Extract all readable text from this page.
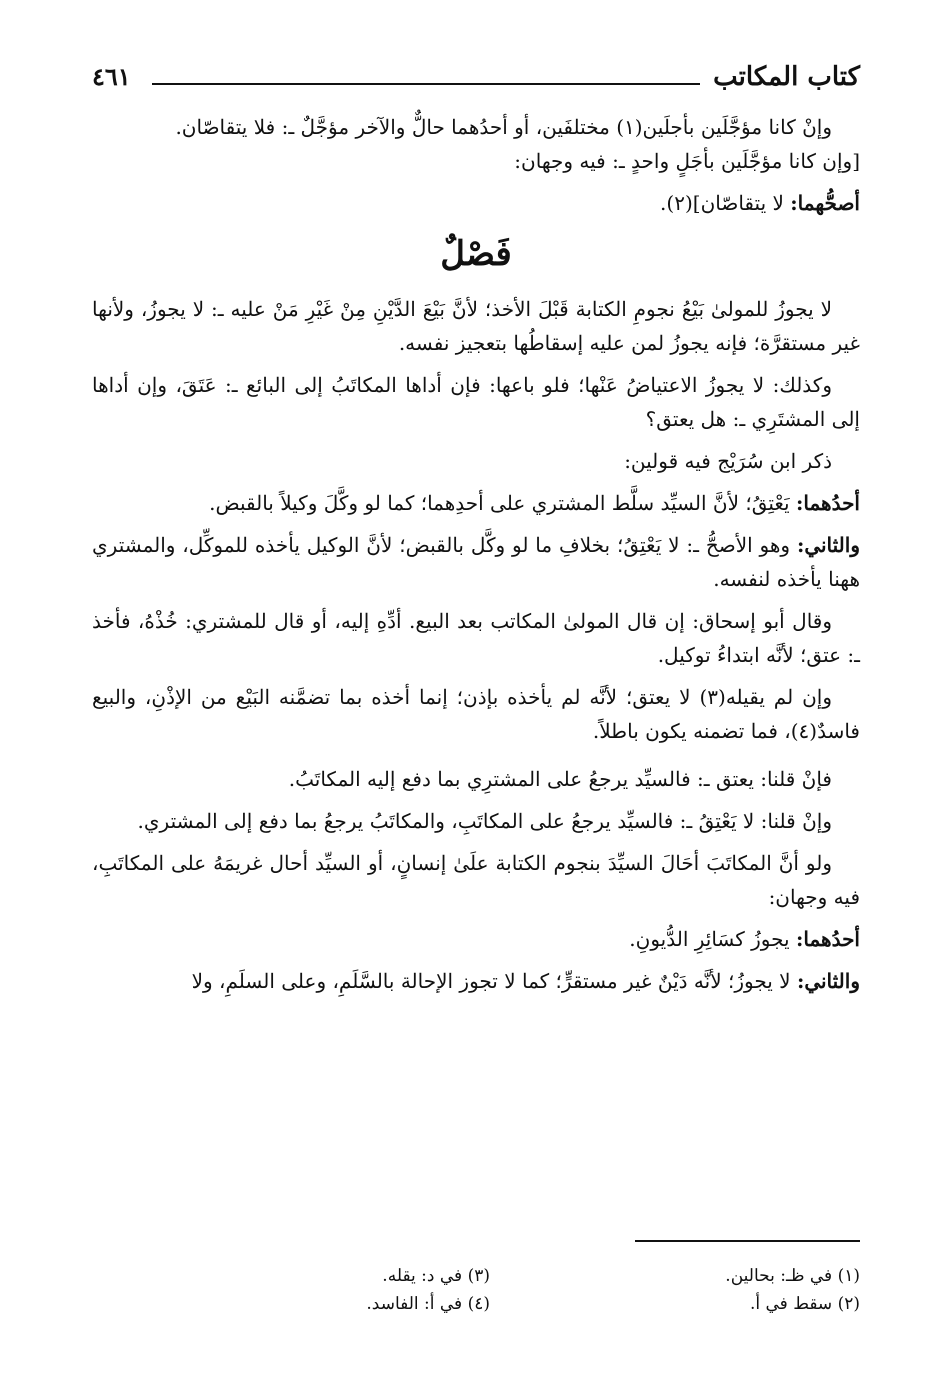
كتاب المكاتب
٤٦١

وإنْ كانا مؤجَّلَين بأجلَين(١) مختلفَين، أو أحدُهما حالٌّ والآخر مؤجَّلٌ ـ: فلا يتقاصّان.

[وإن كانا مؤجَّلَين بأجَلٍ واحدٍ ـ: فيه وجهان:

أصحُّهما: لا يتقاصّان](٢).

فَصْلٌ

لا يجوزُ للمولىٰ بَيْعُ نجومِ الكتابة قَبْلَ الأخذ؛ لأنَّ بَيْعَ الدَّيْنِ مِنْ غَيْرِ مَنْ عليه ـ: لا يجوزُ، ولأنها غير مستقرَّة؛ فإنه يجوزُ لمن عليه إسقاطُها بتعجيز نفسه.

وكذلك: لا يجوزُ الاعتياضُ عَنْها؛ فلو باعها: فإن أداها المكاتَبُ إلى البائع ـ: عَتَقَ، وإن أداها إلى المشتَرِي ـ: هل يعتق؟

ذكر ابن سُرَيْج فيه قولين:

أحدُهما: يَعْتِقُ؛ لأنَّ السيِّد سلَّط المشتري على أحدِهما؛ كما لو وكَّلَ وكيلاً بالقبض.

والثاني: وهو الأصحُّ ـ: لا يَعْتِقُ؛ بخلافِ ما لو وكَّل بالقبض؛ لأنَّ الوكيل يأخذه للموكِّل، والمشتري ههنا يأخذه لنفسه.

وقال أبو إسحاق: إن قال المولىٰ المكاتب بعد البيع. أدِّهِ إليه، أو قال للمشتري: خُذْهُ، فأخذ ـ: عتق؛ لأنَّه ابتداءُ توكيل.

وإن لم يقيله(٣) لا يعتق؛ لأنَّه لم يأخذه بإذن؛ إنما أخذه بما تضمَّنه البَيْع من الإذْنِ، والبيع فاسدٌ(٤)، فما تضمنه يكون باطلاً.

فإنْ قلنا: يعتق ـ: فالسيِّد يرجعُ على المشترِي بما دفع إليه المكاتَبُ.

وإنْ قلنا: لا يَعْتِقُ ـ: فالسيِّد يرجعُ على المكاتَبِ، والمكاتَبُ يرجعُ بما دفع إلى المشتري.

ولو أنَّ المكاتَبَ أحَالَ السيِّدَ بنجوم الكتابة علَىٰ إنسانٍ، أو السيِّد أحال غريمَهُ على المكاتَبِ، فيه وجهان:

أحدُهما: يجوزُ كسَائِرِ الدُّيونِ.

والثاني: لا يجوزُ؛ لأنَّه دَيْنٌ غير مستقرٍّ؛ كما لا تجوز الإحالة بالسَّلَمِ، وعلى السلَمِ، ولا

(١) في ظـ: بحالين.
(٢) سقط في أ.
(٣) في د: يقله.
(٤) في أ: الفاسد.
